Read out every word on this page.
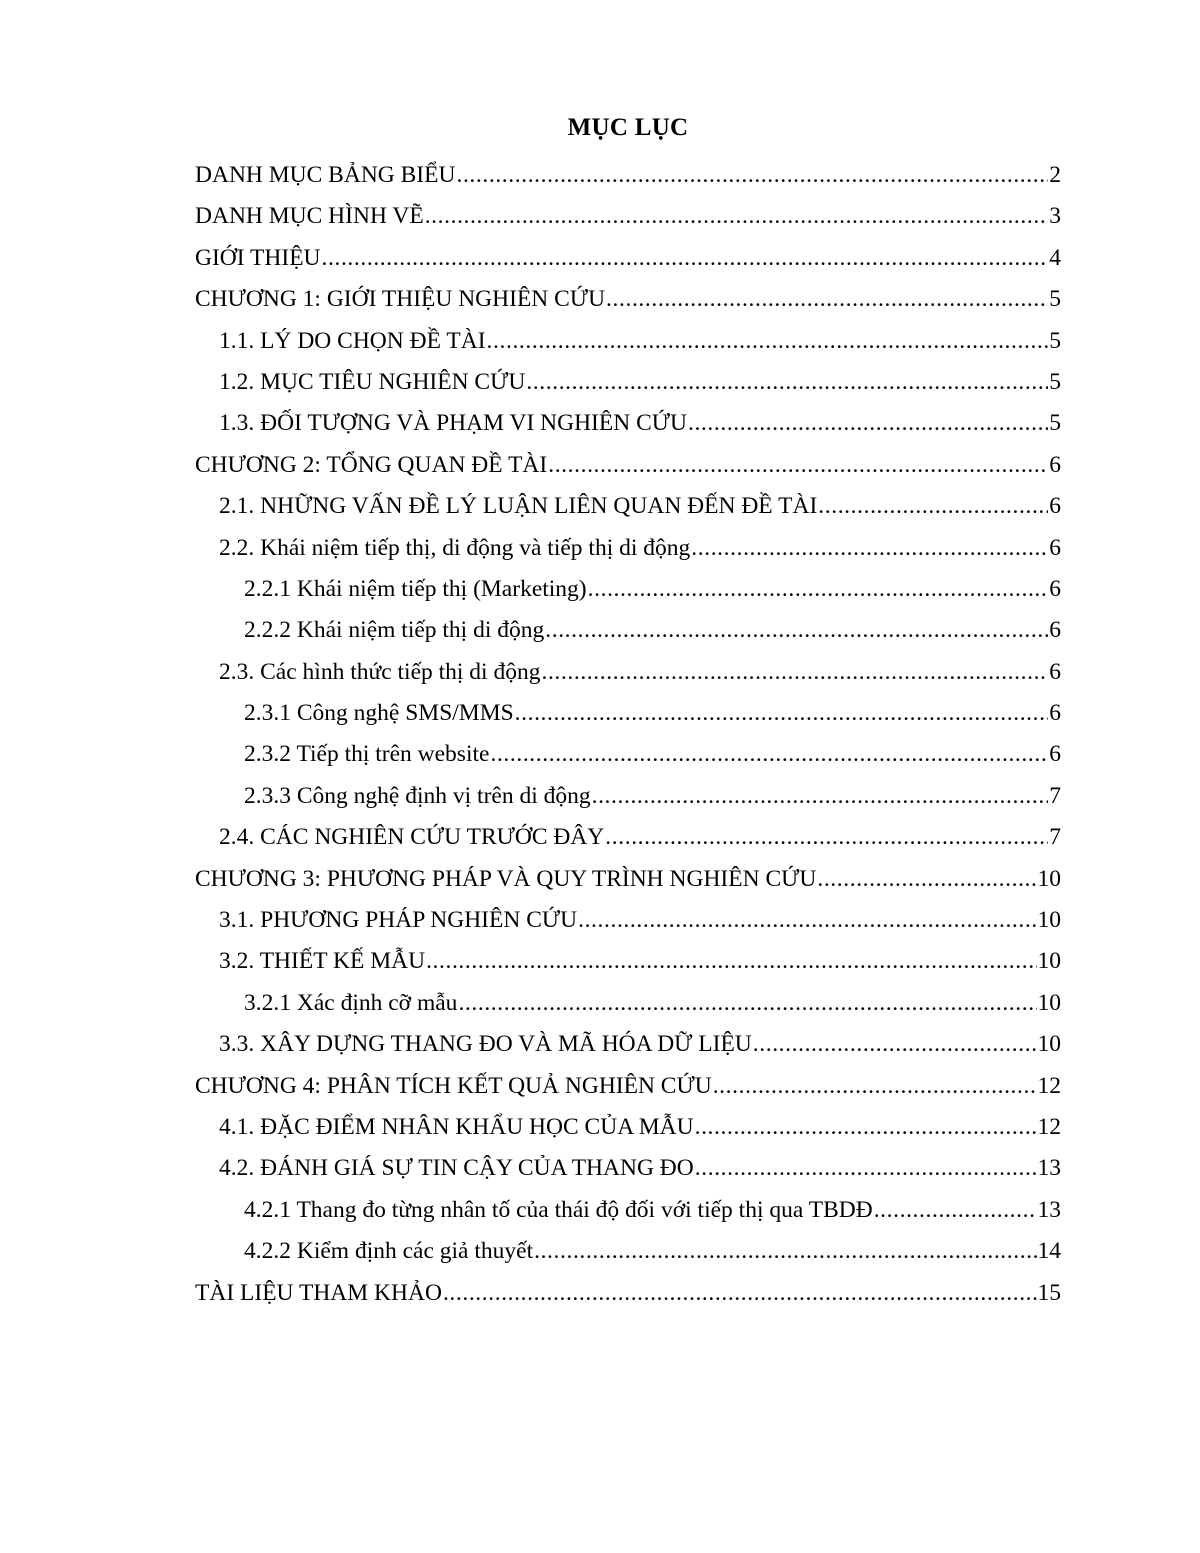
MỤC LỤC
DANH MỤC BẢNG BIỂU .....	2
DANH MỤC HÌNH VẼ .....	3
GIỚI THIỆU .....	4
CHƯƠNG 1: GIỚI THIỆU NGHIÊN CỨU .....	5
1.1. LÝ DO CHỌN ĐỀ TÀI .....	5
1.2. MỤC TIÊU NGHIÊN CỨU .....	5
1.3. ĐỐI TƯỢNG VÀ PHẠM VI NGHIÊN CỨU .....	5
CHƯƠNG 2: TỔNG QUAN ĐỀ TÀI .....	6
2.1. NHỮNG VẤN ĐỀ LÝ LUẬN LIÊN QUAN ĐẾN ĐỀ TÀI .....	6
2.2. Khái niệm tiếp thị, di động và tiếp thị di động .....	6
2.2.1 Khái niệm tiếp thị (Marketing) .....	6
2.2.2 Khái niệm tiếp thị di động .....	6
2.3. Các hình thức tiếp thị di động .....	6
2.3.1 Công nghệ SMS/MMS .....	6
2.3.2 Tiếp thị trên website .....	6
2.3.3 Công nghệ định vị trên di động .....	7
2.4. CÁC NGHIÊN CỨU TRƯỚC ĐÂY .....	7
CHƯƠNG 3: PHƯƠNG PHÁP VÀ QUY TRÌNH NGHIÊN CỨU .....	10
3.1. PHƯƠNG PHÁP NGHIÊN CỨU .....	10
3.2. THIẾT KẾ MẪU .....	10
3.2.1 Xác định cỡ mẫu .....	10
3.3. XÂY DỰNG THANG ĐO VÀ MÃ HÓA DỮ LIỆU .....	10
CHƯƠNG 4: PHÂN TÍCH KẾT QUẢ NGHIÊN CỨU .....	12
4.1. ĐẶC ĐIỂM NHÂN KHẨU HỌC CỦA MẪU .....	12
4.2. ĐÁNH GIÁ SỰ TIN CẬY CỦA THANG ĐO .....	13
4.2.1 Thang đo từng nhân tố của thái độ đối với tiếp thị qua TBDĐ .....	13
4.2.2 Kiểm định các giả thuyết .....	14
TÀI LIỆU THAM KHẢO .....	15
